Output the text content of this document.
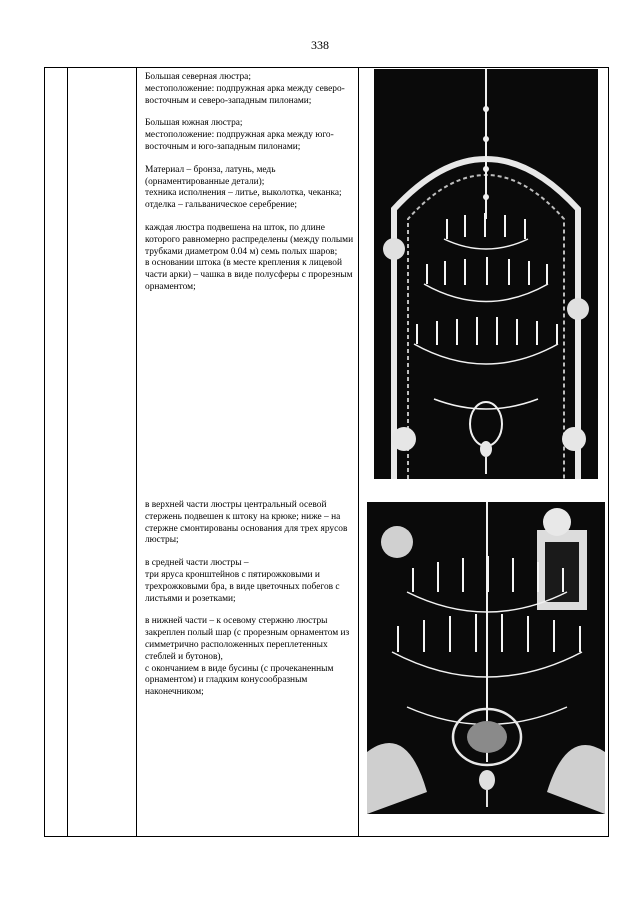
338

Большая северная люстра;
местоположение: подпружная арка между северо-восточным и северо-западным пилонами;

Большая южная люстра;
местоположение: подпружная арка между юго-восточным и юго-западным пилонами;

Материал – бронза, латунь, медь (орнаментированные детали);
техника исполнения – литье, выколотка, чеканка; отделка – гальваническое серебрение;

каждая люстра подвешена на шток, по длине которого равномерно распределены (между полыми трубками диаметром 0.04 м) семь полых шаров;
в основании штока (в месте крепления к лицевой части арки) – чашка в виде полусферы с прорезным орнаментом;

в верхней части люстры центральный осевой стержень подвешен к штоку на крюке; ниже – на стержне смонтированы основания для трех ярусов люстры;

в средней части люстры –
три яруса кронштейнов с пятирожковыми и трехрожковыми бра, в виде цветочных побегов с листьями и розетками;

в нижней части – к осевому стержню люстры закреплен полый шар (с прорезным орнаментом из симметрично расположенных переплетенных стеблей и бутонов),
с окончанием в виде бусины (с прочеканенным орнаментом) и гладким конусообразным наконечником;
